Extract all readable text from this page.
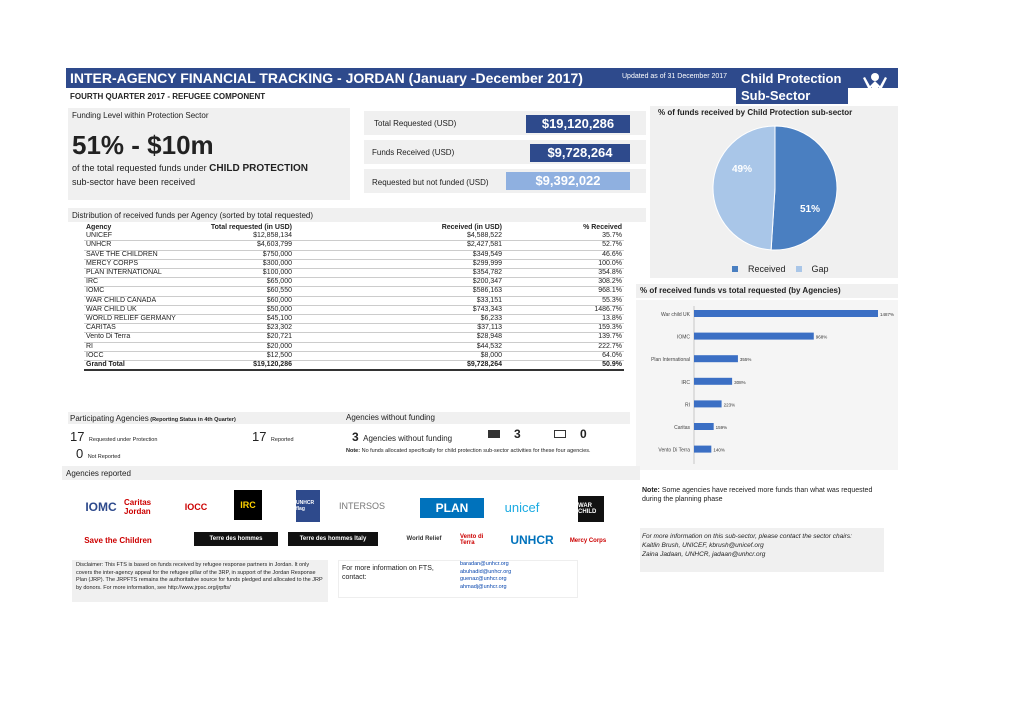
INTER-AGENCY FINANCIAL TRACKING - JORDAN (January -December 2017)	Updated as of 31 December 2017 Child Protection
Sub-Sector
FOURTH QUARTER 2017 - REFUGEE COMPONENT
Funding Level within Protection Sector
51% - $10m
of the total requested funds under CHILD PROTECTION
sub-sector have been received
Total Requested (USD)	$19,120,286
Funds Received (USD)	$9,728,264
Requested but not funded (USD)	$9,392,022
% of funds received by Child Protection sub-sector
51%
49%
Received	Gap
Distribution of received funds per Agency (sorted by total requested)
Agency	Total requested (in USD)	Received (in USD)	% Received
UNICEF	$12,858,134	$4,588,522	35.7%
UNHCR	$4,603,799	$2,427,581	52.7%
SAVE THE CHILDREN	$750,000	$349,549	46.6%
MERCY CORPS	$300,000	$299,999	100.0%
PLAN INTERNATIONAL	$100,000	$354,782	354.8%
IRC	$65,000	$200,347	308.2%
IOMC	$60,550	$586,163	968.1%
WAR CHILD CANADA	$60,000	$33,151	55.3%
WAR CHILD UK	$50,000	$743,343	1486.7%
WORLD RELIEF GERMANY	$45,100	$6,233	13.8%
CARITAS	$23,302	$37,113	159.3%
Vento Di Terra	$20,721	$28,948	139.7%
RI	$20,000	$44,532	222.7%
IOCC	$12,500	$8,000	64.0%
Grand Total	$19,120,286	$9,728,264	50.9%
% of received funds vs total requested (by Agencies)
War child UK	1487%
IOMC	968%
Plan International	355%
IRC	308%
RI	223%
Caritas	159%
Vento Di Terra	140%
Note: Some agencies have received more funds than what was requested during the planning phase
Participating Agencies (Reporting Status in 4th Quarter)
17 Requested under Protection	17 Reported
0 Not Reported
Agencies without funding
3 Agencies without funding	3	0
Note: No funds allocated specifically for child protection sub-sector activities for these four agencies.
Agencies reported
IOMC Caritas Jordan	IOCC	IRC	UNHCR flag	INTERSOS	PLAN	unicef	WAR CHILD
Save the Children	Terre des hommes	Terre des hommes Italy	World Relief	Vento di Terra	UNHCR	Mercy Corps
Disclaimer: This FTS is based on funds received by refugee response partners in Jordan. It only covers the inter-agency appeal for the refugee pillar of the 3RP, in support of the Jordan Response Plan (JRP). The JRPFTS remains the authoritative source for funds pledged and allocated to the JRP by donors. For more information, see http://www.jrpsc.org/jrpfts/
For more information on FTS, contact:
baradan@unhcr.org
abuhadid@unhcr.org
guenaz@unhcr.org
ahmadj@unhcr.org
For more information on this sub-sector, please contact the sector chairs:
Kaitlin Brush, UNICEF, kbrush@unicef.org
Zaina Jadaan, UNHCR, jadaan@unhcr.org
